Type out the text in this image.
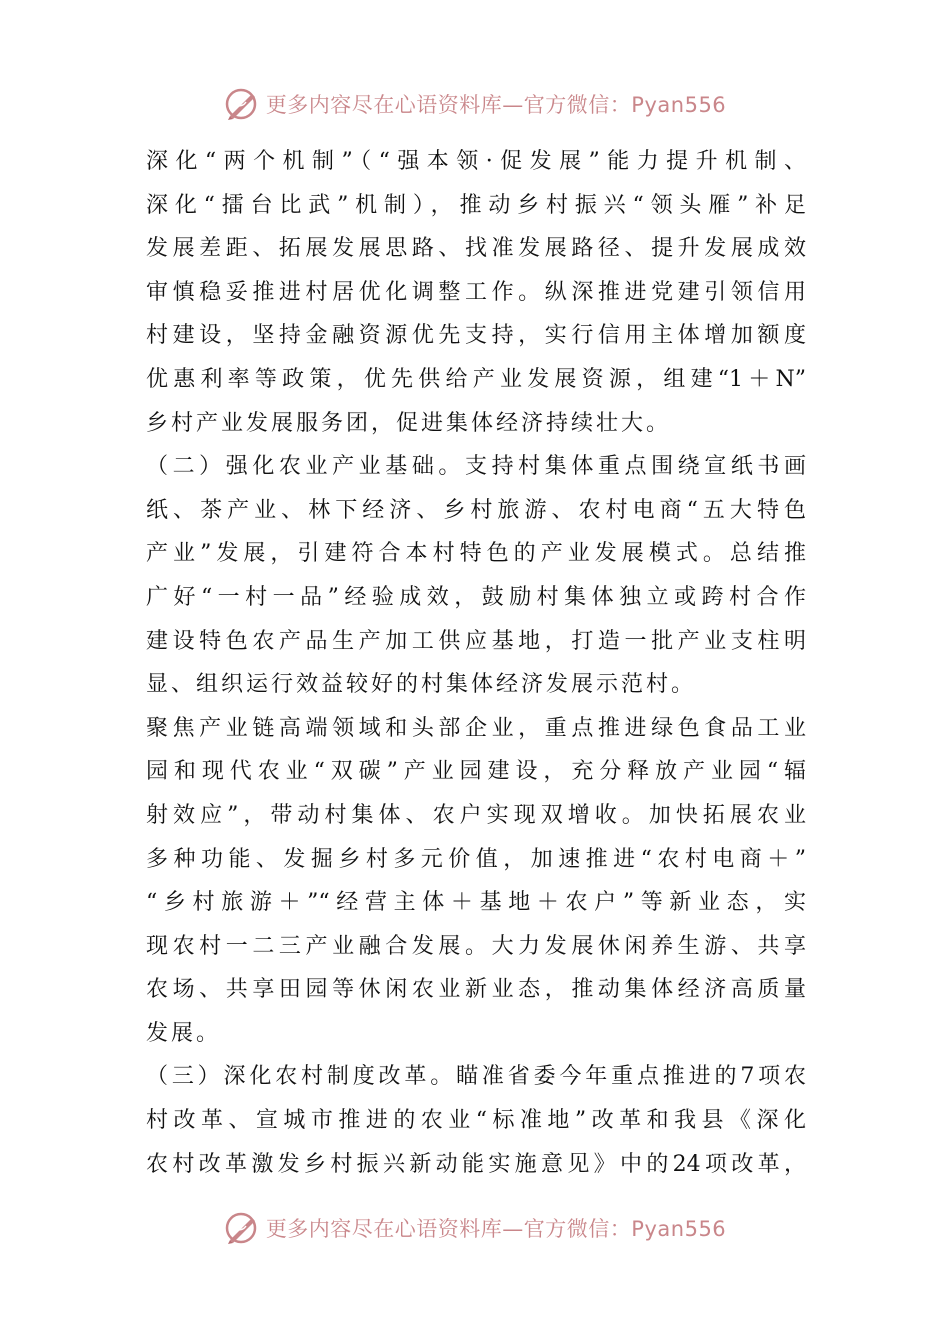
更多内容尽在心语资料库—官方微信：Pyan556
深化“两个机制”（“强本领·促发展”能力提升机制、
深化“擂台比武”机制），推动乡村振兴“领头雁”补足
发展差距、拓展发展思路、找准发展路径、提升发展成效
审慎稳妥推进村居优化调整工作。纵深推进党建引领信用
村建设，坚持金融资源优先支持，实行信用主体增加额度
优惠利率等政策，优先供给产业发展资源，组建“1＋N”
乡村产业发展服务团，促进集体经济持续壮大。
（二）强化农业产业基础。支持村集体重点围绕宣纸书画
纸、茶产业、林下经济、乡村旅游、农村电商“五大特色
产业”发展，引建符合本村特色的产业发展模式。总结推
广好“一村一品”经验成效，鼓励村集体独立或跨村合作
建设特色农产品生产加工供应基地，打造一批产业支柱明
显、组织运行效益较好的村集体经济发展示范村。
聚焦产业链高端领域和头部企业，重点推进绿色食品工业
园和现代农业“双碳”产业园建设，充分释放产业园“辐
射效应”，带动村集体、农户实现双增收。加快拓展农业
多种功能、发掘乡村多元价值，加速推进“农村电商＋”
“乡村旅游＋”“经营主体＋基地＋农户”等新业态，实
现农村一二三产业融合发展。大力发展休闲养生游、共享
农场、共享田园等休闲农业新业态，推动集体经济高质量
发展。
（三）深化农村制度改革。瞄准省委今年重点推进的7项农
村改革、宣城市推进的农业“标准地”改革和我县《深化
农村改革激发乡村振兴新动能实施意见》中的24项改革，
更多内容尽在心语资料库—官方微信：Pyan556
